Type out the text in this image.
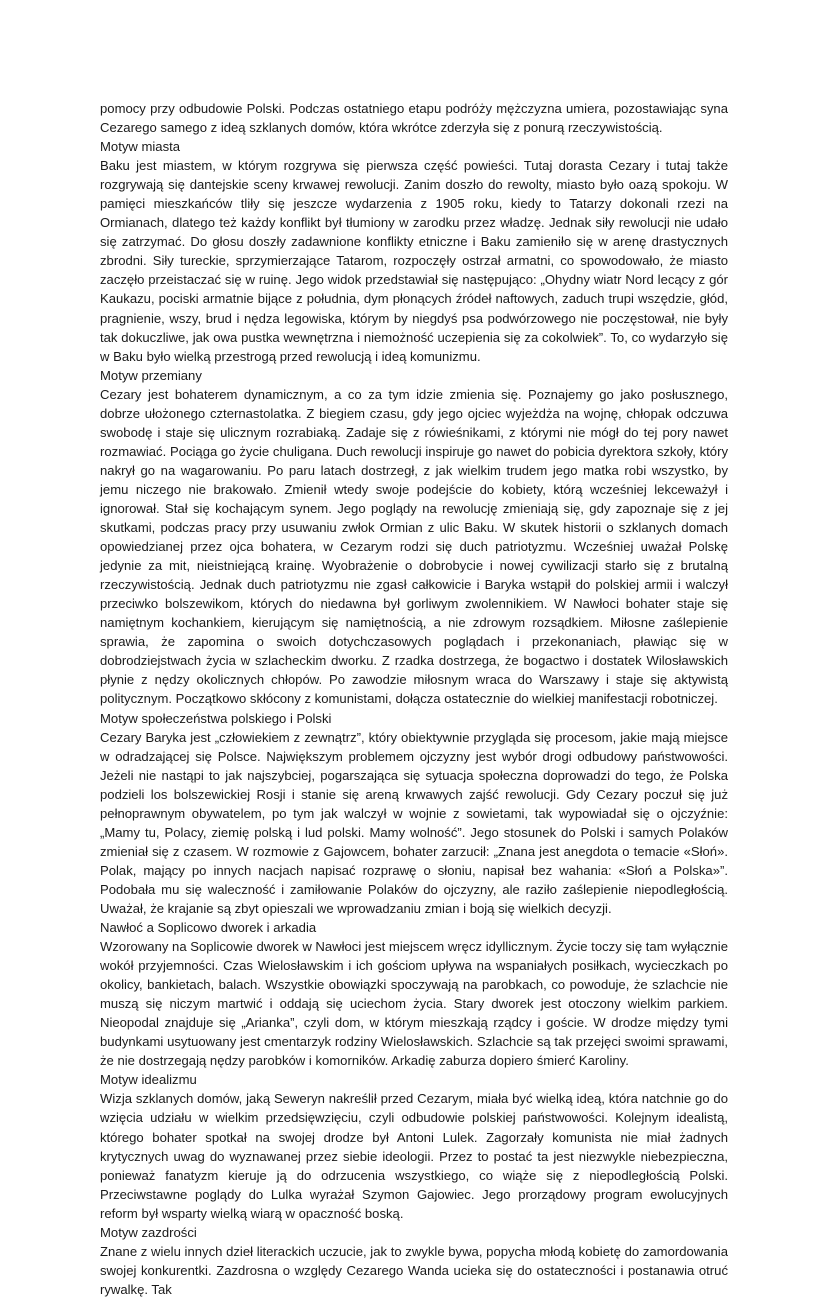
pomocy przy odbudowie Polski. Podczas ostatniego etapu podróży mężczyzna umiera, pozostawiając syna Cezarego samego z ideą szklanych domów, która wkrótce zderzyła się z ponurą rzeczywistością.

Motyw miasta

Baku jest miastem, w którym rozgrywa się pierwsza część powieści. Tutaj dorasta Cezary i tutaj także rozgrywają się dantejskie sceny krwawej rewolucji. Zanim doszło do rewolty, miasto było oazą spokoju. W pamięci mieszkańców tliły się jeszcze wydarzenia z 1905 roku, kiedy to Tatarzy dokonali rzezi na Ormianach, dlatego też każdy konflikt był tłumiony w zarodku przez władzę. Jednak siły rewolucji nie udało się zatrzymać. Do głosu doszły zadawnione konflikty etniczne i Baku zamieniło się w arenę drastycznych zbrodni. Siły tureckie, sprzymierzające Tatarom, rozpoczęły ostrzał armatni, co spowodowało, że miasto zaczęło przeistaczać się w ruinę. Jego widok przedstawiał się następująco: „Ohydny wiatr Nord lecący z gór Kaukazu, pociski armatnie bijące z południa, dym płonących źródeł naftowych, zaduch trupi wszędzie, głód, pragnienie, wszy, brud i nędza legowiska, którym by niegdyś psa podwórzowego nie poczęstował, nie były tak dokuczliwe, jak owa pustka wewnętrzna i niemożność uczepienia się za cokolwiek”. To, co wydarzyło się w Baku było wielką przestrogą przed rewolucją i ideą komunizmu.

Motyw przemiany

Cezary jest bohaterem dynamicznym, a co za tym idzie zmienia się. Poznajemy go jako posłusznego, dobrze ułożonego czternastolatka. Z biegiem czasu, gdy jego ojciec wyjeżdża na wojnę, chłopak odczuwa swobodę i staje się ulicznym rozrabiaką. Zadaje się z rówieśnikami, z którymi nie mógł do tej pory nawet rozmawiać. Pociąga go życie chuligana. Duch rewolucji inspiruje go nawet do pobicia dyrektora szkoły, który nakrył go na wagarowaniu. Po paru latach dostrzegł, z jak wielkim trudem jego matka robi wszystko, by jemu niczego nie brakowało. Zmienił wtedy swoje podejście do kobiety, którą wcześniej lekceważył i ignorował. Stał się kochającym synem. Jego poglądy na rewolucję zmieniają się, gdy zapoznaje się z jej skutkami, podczas pracy przy usuwaniu zwłok Ormian z ulic Baku. W skutek historii o szklanych domach opowiedzianej przez ojca bohatera, w Cezarym rodzi się duch patriotyzmu. Wcześniej uważał Polskę jedynie za mit, nieistniejącą krainę. Wyobrażenie o dobrobycie i nowej cywilizacji starło się z brutalną rzeczywistością. Jednak duch patriotyzmu nie zgasł całkowicie i Baryka wstąpił do polskiej armii i walczył przeciwko bolszewikom, których do niedawna był gorliwym zwolennikiem. W Nawłoci bohater staje się namiętnym kochankiem, kierującym się namiętnością, a nie zdrowym rozsądkiem. Miłosne zaślepienie sprawia, że zapomina o swoich dotychczasowych poglądach i przekonaniach, pławiąc się w dobrodziejstwach życia w szlacheckim dworku. Z rzadka dostrzega, że bogactwo i dostatek Wilosławskich płynie z nędzy okolicznych chłopów. Po zawodzie miłosnym wraca do Warszawy i staje się aktywistą politycznym. Początkowo skłócony z komunistami, dołącza ostatecznie do wielkiej manifestacji robotniczej.

Motyw społeczeństwa polskiego i Polski

Cezary Baryka jest „człowiekiem z zewnątrz”, który obiektywnie przygląda się procesom, jakie mają miejsce w odradzającej się Polsce. Największym problemem ojczyzny jest wybór drogi odbudowy państwowości. Jeżeli nie nastąpi to jak najszybciej, pogarszająca się sytuacja społeczna doprowadzi do tego, że Polska podzieli los bolszewickiej Rosji i stanie się areną krwawych zajść rewolucji. Gdy Cezary poczuł się już pełnoprawnym obywatelem, po tym jak walczył w wojnie z sowietami, tak wypowiadał się o ojczyźnie: „Mamy tu, Polacy, ziemię polską i lud polski. Mamy wolność”. Jego stosunek do Polski i samych Polaków zmieniał się z czasem. W rozmowie z Gajowcem, bohater zarzucił: „Znana jest anegdota o temacie «Słoń». Polak, mający po innych nacjach napisać rozprawę o słoniu, napisał bez wahania: «Słoń a Polska»”. Podobała mu się waleczność i zamiłowanie Polaków do ojczyzny, ale raziło zaślepienie niepodległością. Uważał, że krajanie są zbyt opieszali we wprowadzaniu zmian i boją się wielkich decyzji.

Nawłoć a Soplicowo dworek i arkadia

Wzorowany na Soplicowie dworek w Nawłoci jest miejscem wręcz idyllicznym. Życie toczy się tam wyłącznie wokół przyjemności. Czas Wielosławskim i ich gościom upływa na wspaniałych posiłkach, wycieczkach po okolicy, bankietach, balach. Wszystkie obowiązki spoczywają na parobkach, co powoduje, że szlachcie nie muszą się niczym martwić i oddają się uciechom życia. Stary dworek jest otoczony wielkim parkiem. Nieopodal znajduje się „Arianka”, czyli dom, w którym mieszkają rządcy i goście. W drodze między tymi budynkami usytuowany jest cmentarzyk rodziny Wielosławskich. Szlachcie są tak przejęci swoimi sprawami, że nie dostrzegają nędzy parobków i komorników. Arkadię zaburza dopiero śmierć Karoliny.

Motyw idealizmu

Wizja szklanych domów, jaką Seweryn nakreślił przed Cezarym, miała być wielką ideą, która natchnie go do wzięcia udziału w wielkim przedsięwzięciu, czyli odbudowie polskiej państwowości. Kolejnym idealistą, którego bohater spotkał na swojej drodze był Antoni Lulek. Zagorzały komunista nie miał żadnych krytycznych uwag do wyznawanej przez siebie ideologii. Przez to postać ta jest niezwykle niebezpieczna, ponieważ fanatyzm kieruje ją do odrzucenia wszystkiego, co wiąże się z niepodległością Polski. Przeciwstawne poglądy do Lulka wyrażał Szymon Gajowiec. Jego prorządowy program ewolucyjnych reform był wsparty wielką wiarą w opaczność boską.

Motyw zazdrości

Znane z wielu innych dzieł literackich uczucie, jak to zwykle bywa, popycha młodą kobietę do zamordowania swojej konkurentki. Zazdrosna o względy Cezarego Wanda ucieka się do ostateczności i postanawia otruć rywalkę. Tak
